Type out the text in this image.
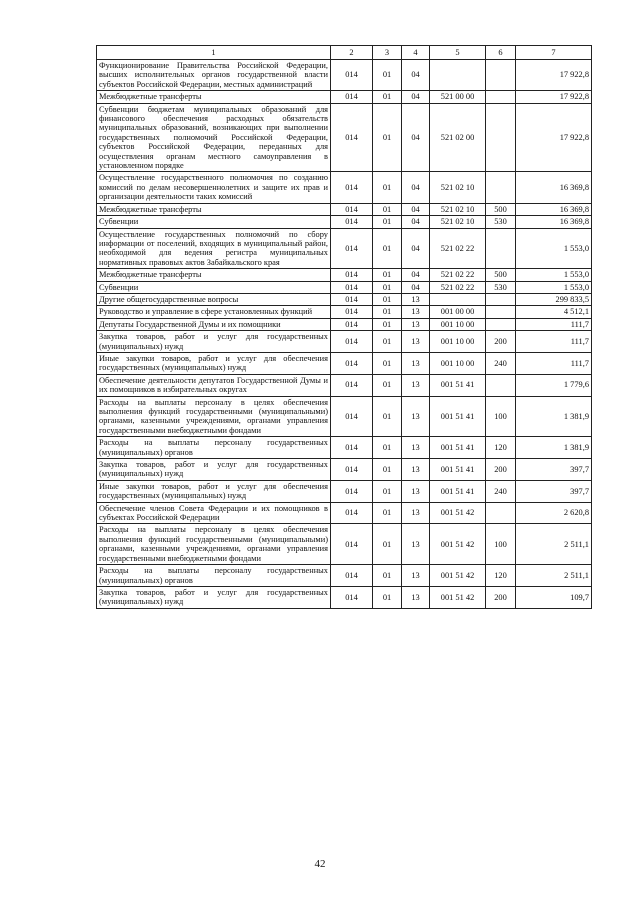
1	2	3	4	5	6	7
Функционирование Правительства Российской Федерации, высших исполнительных органов государственной власти субъектов Российской Федерации, местных администраций	014	01	04			17 922,8
Межбюджетные трансферты	014	01	04	521 00 00		17 922,8
Субвенции бюджетам муниципальных образований для финансового обеспечения расходных обязательств муниципальных образований, возникающих при выполнении государственных полномочий Российской Федерации, субъектов Российской Федерации, переданных для осуществления органам местного самоуправления в установленном порядке	014	01	04	521 02 00		17 922,8
Осуществление государственного полномочия по созданию комиссий по делам несовершеннолетних и защите их прав и организации деятельности таких комиссий	014	01	04	521 02 10		16 369,8
Межбюджетные трансферты	014	01	04	521 02 10	500	16 369,8
Субвенции	014	01	04	521 02 10	530	16 369,8
Осуществление государственных полномочий по сбору информации от поселений, входящих в муниципальный район, необходимой для ведения регистра муниципальных нормативных правовых актов Забайкальского края	014	01	04	521 02 22		1 553,0
Межбюджетные трансферты	014	01	04	521 02 22	500	1 553,0
Субвенции	014	01	04	521 02 22	530	1 553,0
Другие общегосударственные вопросы	014	01	13			299 833,5
Руководство и управление в сфере установленных функций	014	01	13	001 00 00		4 512,1
Депутаты Государственной Думы и их помощники	014	01	13	001 10 00		111,7
Закупка товаров, работ и услуг для государственных (муниципальных) нужд	014	01	13	001 10 00	200	111,7
Иные закупки товаров, работ и услуг для обеспечения государственных (муниципальных) нужд	014	01	13	001 10 00	240	111,7
Обеспечение деятельности депутатов Государственной Думы и их помощников в избирательных округах	014	01	13	001 51 41		1 779,6
Расходы на выплаты персоналу в целях обеспечения выполнения функций государственными (муниципальными) органами, казенными учреждениями, органами управления государственными внебюджетными фондами	014	01	13	001 51 41	100	1 381,9
Расходы на выплаты персоналу государственных (муниципальных) органов	014	01	13	001 51 41	120	1 381,9
Закупка товаров, работ и услуг для государственных (муниципальных) нужд	014	01	13	001 51 41	200	397,7
Иные закупки товаров, работ и услуг для обеспечения государственных (муниципальных) нужд	014	01	13	001 51 41	240	397,7
Обеспечение членов Совета Федерации и их помощников в субъектах Российской Федерации	014	01	13	001 51 42		2 620,8
Расходы на выплаты персоналу в целях обеспечения выполнения функций государственными (муниципальными) органами, казенными учреждениями, органами управления государственными внебюджетными фондами	014	01	13	001 51 42	100	2 511,1
Расходы на выплаты персоналу государственных (муниципальных) органов	014	01	13	001 51 42	120	2 511,1
Закупка товаров, работ и услуг для государственных (муниципальных) нужд	014	01	13	001 51 42	200	109,7
42
